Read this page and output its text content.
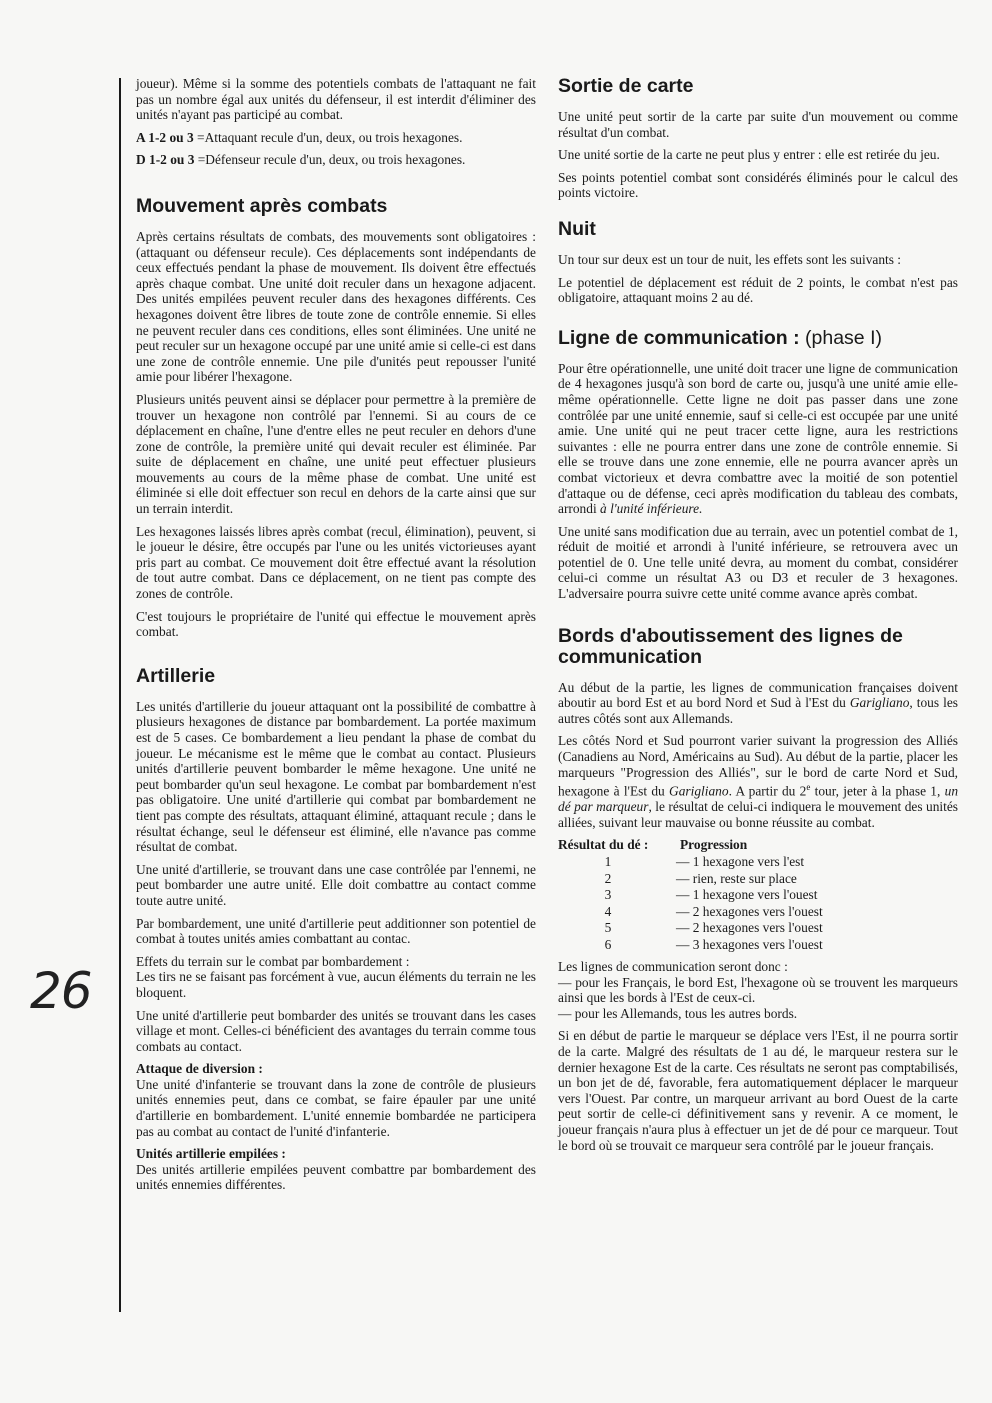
26

joueur). Même si la somme des potentiels combats de l'attaquant ne fait pas un nombre égal aux unités du défenseur, il est interdit d'éliminer des unités n'ayant pas participé au combat.

A 1-2 ou 3 =Attaquant recule d'un, deux, ou trois hexagones.

D 1-2 ou 3 =Défenseur recule d'un, deux, ou trois hexagones.

Mouvement après combats

Après certains résultats de combats, des mouvements sont obligatoires : (attaquant ou défenseur recule). Ces déplacements sont indépendants de ceux effectués pendant la phase de mouvement. Ils doivent être effectués après chaque combat. Une unité doit reculer dans un hexagone adjacent. Des unités empilées peuvent reculer dans des hexagones différents. Ces hexagones doivent être libres de toute zone de contrôle ennemie. Si elles ne peuvent reculer dans ces conditions, elles sont éliminées. Une unité ne peut reculer sur un hexagone occupé par une unité amie si celle-ci est dans une zone de contrôle ennemie. Une pile d'unités peut repousser l'unité amie pour libérer l'hexagone.

Plusieurs unités peuvent ainsi se déplacer pour permettre à la première de trouver un hexagone non contrôlé par l'ennemi. Si au cours de ce déplacement en chaîne, l'une d'entre elles ne peut reculer en dehors d'une zone de contrôle, la première unité qui devait reculer est éliminée. Par suite de déplacement en chaîne, une unité peut effectuer plusieurs mouvements au cours de la même phase de combat. Une unité est éliminée si elle doit effectuer son recul en dehors de la carte ainsi que sur un terrain interdit.

Les hexagones laissés libres après combat (recul, élimination), peuvent, si le joueur le désire, être occupés par l'une ou les unités victorieuses ayant pris part au combat. Ce mouvement doit être effectué avant la résolution de tout autre combat. Dans ce déplacement, on ne tient pas compte des zones de contrôle.

C'est toujours le propriétaire de l'unité qui effectue le mouvement après combat.

Artillerie

Les unités d'artillerie du joueur attaquant ont la possibilité de combattre à plusieurs hexagones de distance par bombardement. La portée maximum est de 5 cases. Ce bombardement a lieu pendant la phase de combat du joueur. Le mécanisme est le même que le combat au contact. Plusieurs unités d'artillerie peuvent bombarder le même hexagone. Une unité ne peut bombarder qu'un seul hexagone. Le combat par bombardement n'est pas obligatoire. Une unité d'artillerie qui combat par bombardement ne tient pas compte des résultats, attaquant éliminé, attaquant recule ; dans le résultat échange, seul le défenseur est éliminé, elle n'avance pas comme résultat de combat.

Une unité d'artillerie, se trouvant dans une case contrôlée par l'ennemi, ne peut bombarder une autre unité. Elle doit combattre au contact comme toute autre unité.

Par bombardement, une unité d'artillerie peut additionner son potentiel de combat à toutes unités amies combattant au contac.

Effets du terrain sur le combat par bombardement :
Les tirs ne se faisant pas forcément à vue, aucun éléments du terrain ne les bloquent.

Une unité d'artillerie peut bombarder des unités se trouvant dans les cases village et mont. Celles-ci bénéficient des avantages du terrain comme tous combats au contact.

Attaque de diversion :
Une unité d'infanterie se trouvant dans la zone de contrôle de plusieurs unités ennemies peut, dans ce combat, se faire épauler par une unité d'artillerie en bombardement. L'unité ennemie bombardée ne participera pas au combat au contact de l'unité d'infanterie.

Unités artillerie empilées :
Des unités artillerie empilées peuvent combattre par bombardement des unités ennemies différentes.

Sortie de carte

Une unité peut sortir de la carte par suite d'un mouvement ou comme résultat d'un combat.

Une unité sortie de la carte ne peut plus y entrer : elle est retirée du jeu.

Ses points potentiel combat sont considérés éliminés pour le calcul des points victoire.

Nuit

Un tour sur deux est un tour de nuit, les effets sont les suivants :

Le potentiel de déplacement est réduit de 2 points, le combat n'est pas obligatoire, attaquant moins 2 au dé.

Ligne de communication : (phase I)

Pour être opérationnelle, une unité doit tracer une ligne de communication de 4 hexagones jusqu'à son bord de carte ou, jusqu'à une unité amie elle-même opérationnelle. Cette ligne ne doit pas passer dans une zone contrôlée par une unité ennemie, sauf si celle-ci est occupée par une unité amie. Une unité qui ne peut tracer cette ligne, aura les restrictions suivantes : elle ne pourra entrer dans une zone de contrôle ennemie. Si elle se trouve dans une zone ennemie, elle ne pourra avancer après un combat victorieux et devra combattre avec la moitié de son potentiel d'attaque ou de défense, ceci après modification du tableau des combats, arrondi à l'unité inférieure.

Une unité sans modification due au terrain, avec un potentiel combat de 1, réduit de moitié et arrondi à l'unité inférieure, se retrouvera avec un potentiel de 0. Une telle unité devra, au moment du combat, considérer celui-ci comme un résultat A3 ou D3 et reculer de 3 hexagones. L'adversaire pourra suivre cette unité comme avance après combat.

Bords d'aboutissement des lignes de communication

Au début de la partie, les lignes de communication françaises doivent aboutir au bord Est et au bord Nord et Sud à l'Est du Garigliano, tous les autres côtés sont aux Allemands.

Les côtés Nord et Sud pourront varier suivant la progression des Alliés (Canadiens au Nord, Américains au Sud). Au début de la partie, placer les marqueurs "Progression des Alliés", sur le bord de carte Nord et Sud, hexagone à l'Est du Garigliano. A partir du 2e tour, jeter à la phase 1, un dé par marqueur, le résultat de celui-ci indiquera le mouvement des unités alliées, suivant leur mauvaise ou bonne réussite au combat.

Résultat du dé :	Progression
1	— 1 hexagone vers l'est
2	— rien, reste sur place
3	— 1 hexagone vers l'ouest
4	— 2 hexagones vers l'ouest
5	— 2 hexagones vers l'ouest
6	— 3 hexagones vers l'ouest

Les lignes de communication seront donc :
— pour les Français, le bord Est, l'hexagone où se trouvent les marqueurs ainsi que les bords à l'Est de ceux-ci.
— pour les Allemands, tous les autres bords.

Si en début de partie le marqueur se déplace vers l'Est, il ne pourra sortir de la carte. Malgré des résultats de 1 au dé, le marqueur restera sur le dernier hexagone Est de la carte. Ces résultats ne seront pas comptabilisés, un bon jet de dé, favorable, fera automatiquement déplacer le marqueur vers l'Ouest. Par contre, un marqueur arrivant au bord Ouest de la carte peut sortir de celle-ci définitivement sans y revenir. A ce moment, le joueur français n'aura plus à effectuer un jet de dé pour ce marqueur. Tout le bord où se trouvait ce marqueur sera contrôlé par le joueur français.
